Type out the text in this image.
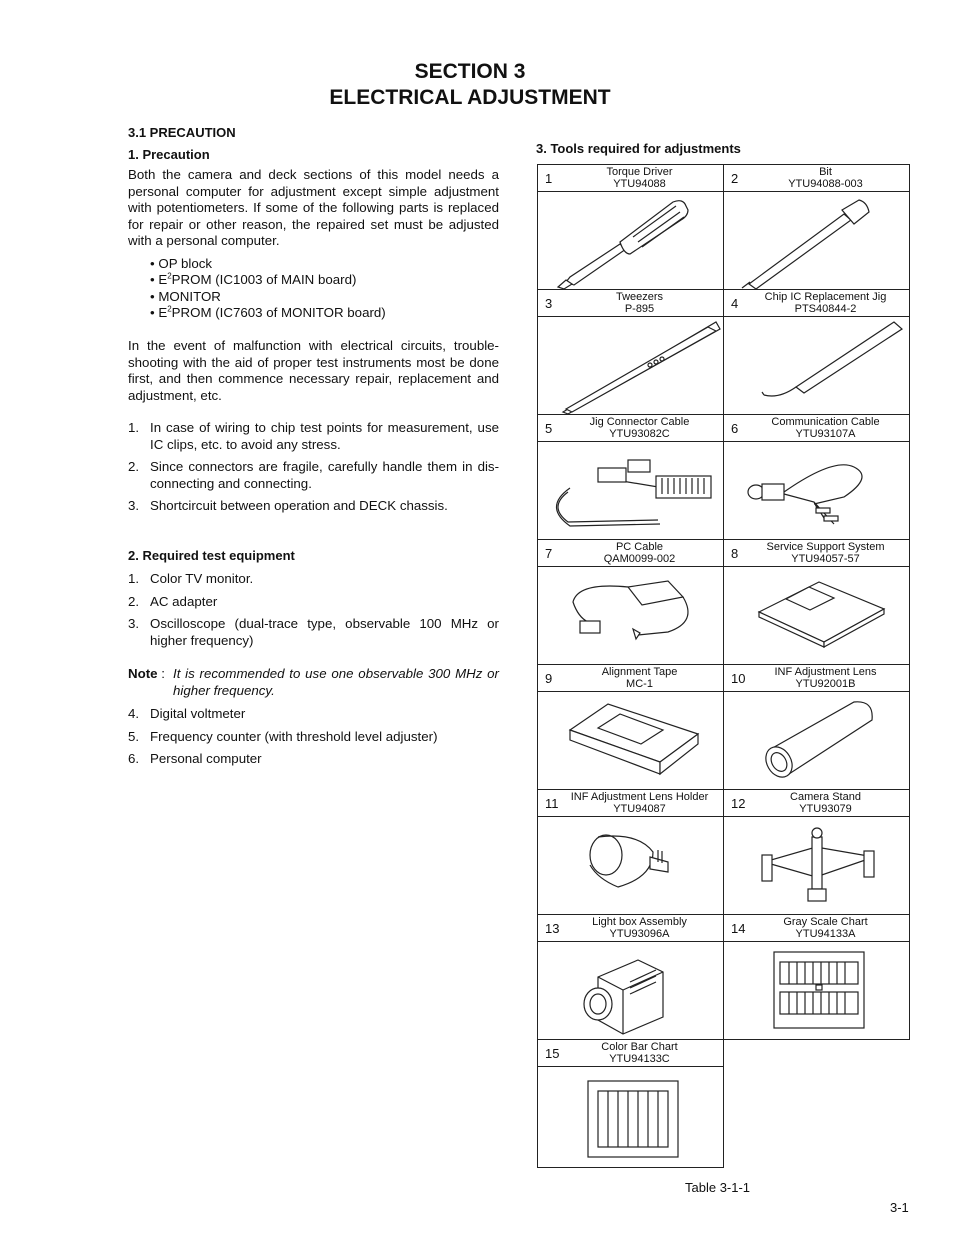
SECTION 3
ELECTRICAL ADJUSTMENT
3.1 PRECAUTION
1. Precaution
Both the camera and deck sections of this model needs a personal computer for adjustment except simple adjustment with potentiometers. If some of the following parts is replaced for repair or other reason, the repaired set must be adjusted with a personal computer.
• OP block
• $E^2PROM$ (IC1003 of MAIN board)
• MONITOR
• $E^2PROM$ (IC7603 of MONITOR board)
In the event of malfunction with electrical circuits, trouble-shooting with the aid of proper test instruments most be done first, and then commence necessary repair, replacement and adjustment, etc.
1. In case of wiring to chip test points for measurement, use IC clips, etc. to avoid any stress.
2. Since connectors are fragile, carefully handle them in dis-connecting and connecting.
3. Shortcircuit between operation and DECK chassis.
2. Required test equipment
1. Color TV monitor.
2. AC adapter
3. Oscilloscope (dual-trace type, observable 100 MHz or higher frequency)
Note : It is recommended to use one observable 300 MHz or higher frequency.
4. Digital voltmeter
5. Frequency counter (with threshold level adjuster)
6. Personal computer
3. Tools required for adjustments
1	Torque Driver
YTU94088	2	Bit
YTU94088-003
3	Tweezers
P-895	4	Chip IC Replacement Jig
PTS40844-2
5	Jig Connector Cable
YTU93082C	6	Communication Cable
YTU93107A
7	PC Cable
QAM0099-002	8	Service Support System
YTU94057-57
9	Alignment Tape
MC-1	10	INF Adjustment Lens
YTU92001B
11	INF Adjustment Lens Holder
YTU94087	12	Camera Stand
YTU93079
13	Light box Assembly
YTU93096A	14	Gray Scale Chart
YTU94133A
15	Color Bar Chart
YTU94133C
Table 3-1-1
3-1
